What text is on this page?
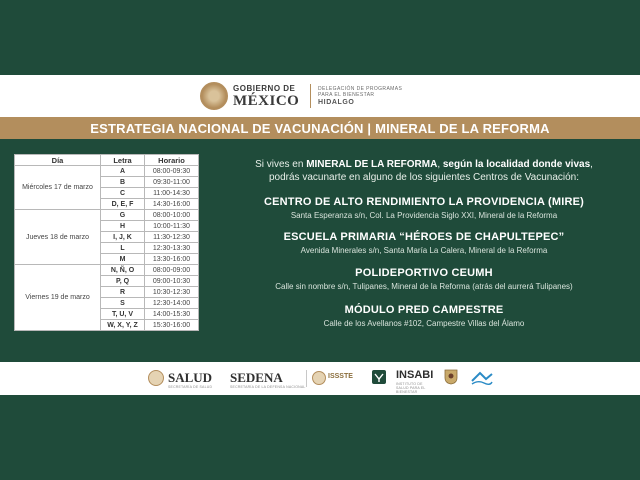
GOBIERNO DE
MÉXICO
DELEGACIÓN DE PROGRAMAS
PARA EL BIENESTAR
HIDALGO
ESTRATEGIA NACIONAL DE VACUNACIÓN | MINERAL DE LA REFORMA
Día	Letra	Horario
Miércoles 17 de marzo	A	08:00-09:30
	B	09:30-11:00
	C	11:00-14:30
	D, E, F	14:30-16:00
Jueves 18 de marzo	G	08:00-10:00
	H	10:00-11:30
	I, J, K	11:30-12:30
	L	12:30-13:30
	M	13:30-16:00
Viernes 19 de marzo	N, Ñ, O	08:00-09:00
	P, Q	09:00-10:30
	R	10:30-12:30
	S	12:30-14:00
	T, U, V	14:00-15:30
	W, X, Y, Z	15:30-16:00
Si vives en MINERAL DE LA REFORMA, según la localidad donde vivas,
podrás vacunarte en alguno de los siguientes Centros de Vacunación:
CENTRO DE ALTO RENDIMIENTO LA PROVIDENCIA (MIRE)
Santa Esperanza s/n, Col. La Providencia Siglo XXI, Mineral de la Reforma
ESCUELA PRIMARIA “HÉROES DE CHAPULTEPEC”
Avenida Minerales s/n, Santa María La Calera, Mineral de la Reforma
POLIDEPORTIVO CEUMH
Calle sin nombre s/n, Tulipanes, Mineral de la Reforma (atrás del aurrerá Tulipanes)
MÓDULO PRED CAMPESTRE
Calle de los Avellanos #102, Campestre Villas del Álamo
SALUD
SECRETARÍA DE SALUD
SEDENA
SECRETARÍA DE LA DEFENSA NACIONAL
ISSSTE	INSABI
INSTITUTO DE SALUD PARA EL BIENESTAR
